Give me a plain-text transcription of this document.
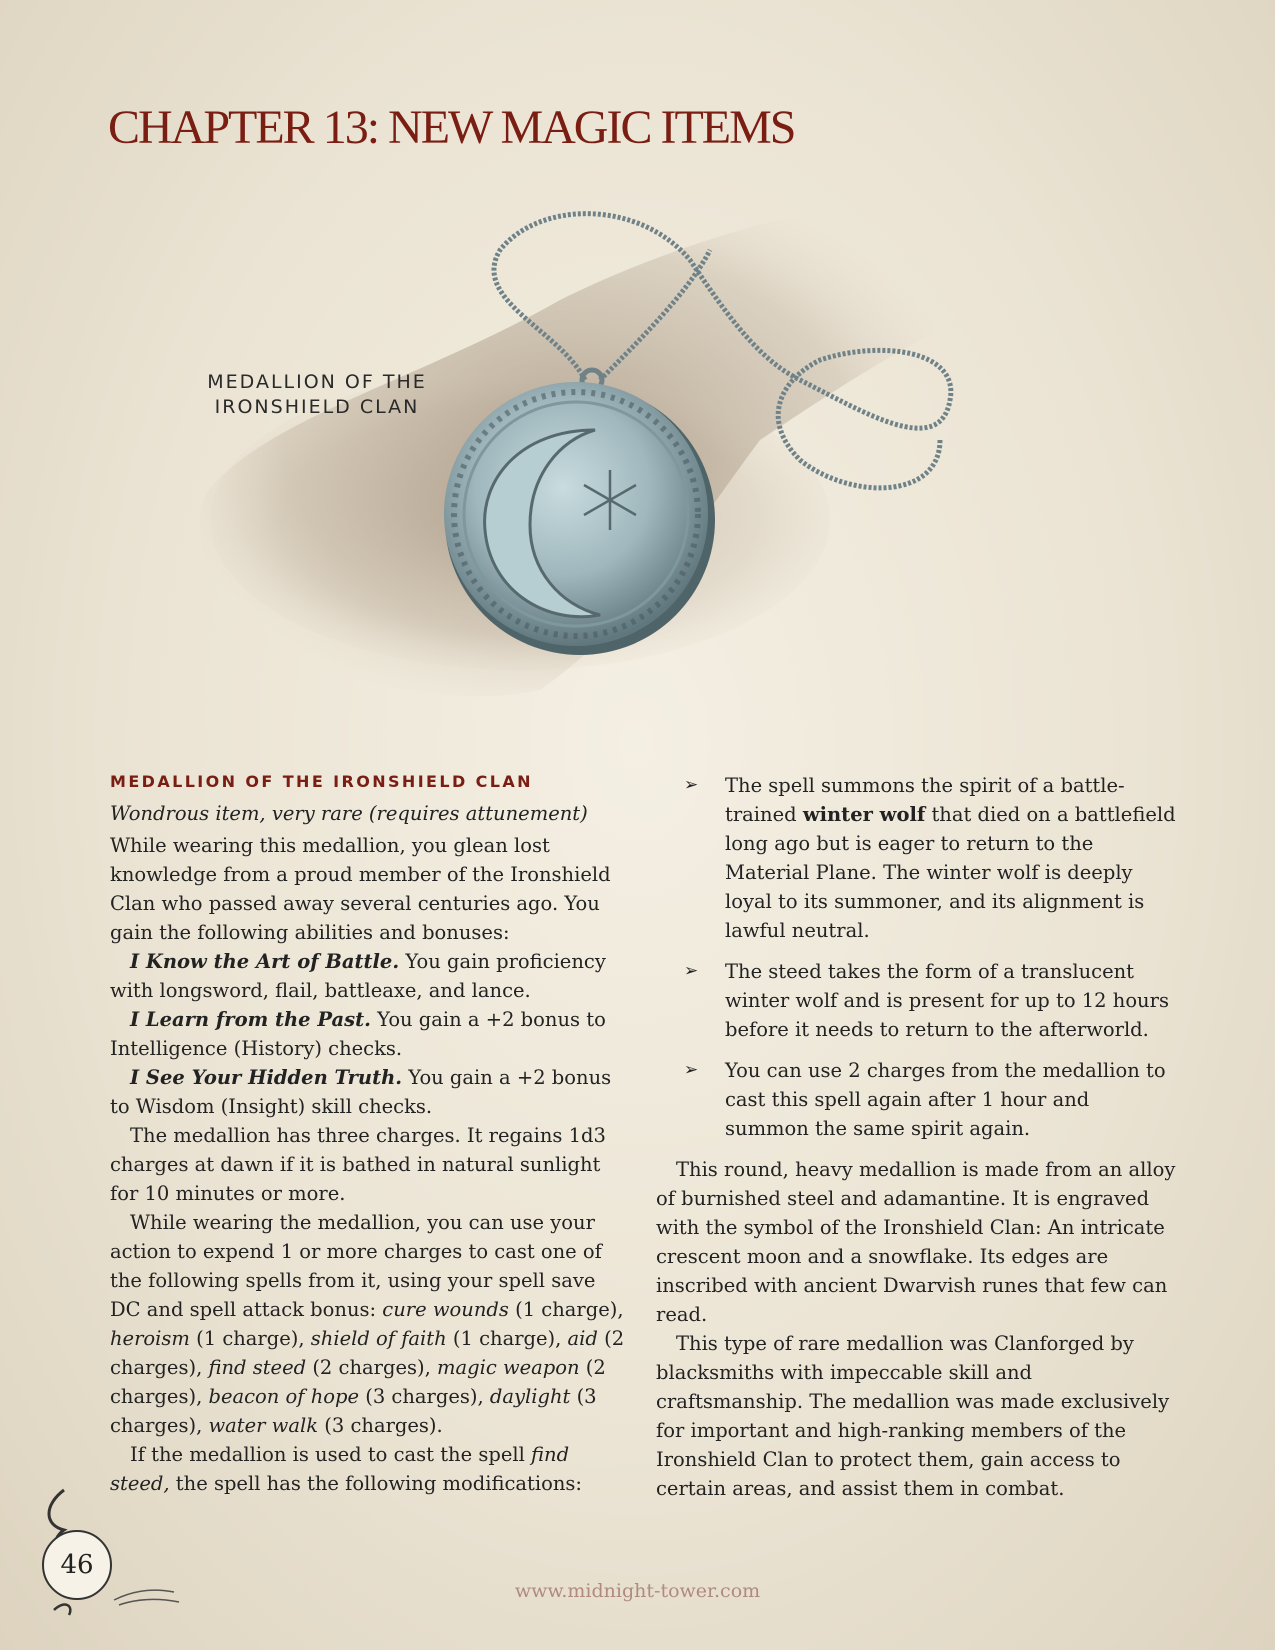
CHAPTER 13: NEW MAGIC ITEMS
MEDALLION OF THE
IRONSHIELD CLAN
MEDALLION OF THE IRONSHIELD CLAN

Wondrous item, very rare (requires attunement)

While wearing this medallion, you glean lost knowledge from a proud member of the Ironshield Clan who passed away several centuries ago. You gain the following abilities and bonuses:

I Know the Art of Battle. You gain proficiency with longsword, flail, battleaxe, and lance.

I Learn from the Past. You gain a +2 bonus to Intelligence (History) checks.

I See Your Hidden Truth. You gain a +2 bonus to Wisdom (Insight) skill checks.

The medallion has three charges. It regains 1d3 charges at dawn if it is bathed in natural sunlight for 10 minutes or more.

While wearing the medallion, you can use your action to expend 1 or more charges to cast one of the following spells from it, using your spell save DC and spell attack bonus: cure wounds (1 charge), heroism (1 charge), shield of faith (1 charge), aid (2 charges), find steed (2 charges), magic weapon (2 charges), beacon of hope (3 charges), daylight (3 charges), water walk (3 charges).

If the medallion is used to cast the spell find steed, the spell has the following modifications:

➢ The spell summons the spirit of a battle-trained winter wolf that died on a battlefield long ago but is eager to return to the Material Plane. The winter wolf is deeply loyal to its summoner, and its alignment is lawful neutral.
➢ The steed takes the form of a translucent winter wolf and is present for up to 12 hours before it needs to return to the afterworld.
➢ You can use 2 charges from the medallion to cast this spell again after 1 hour and summon the same spirit again.

This round, heavy medallion is made from an alloy of burnished steel and adamantine. It is engraved with the symbol of the Ironshield Clan: An intricate crescent moon and a snowflake. Its edges are inscribed with ancient Dwarvish runes that few can read.

This type of rare medallion was Clanforged by blacksmiths with impeccable skill and craftsmanship. The medallion was made exclusively for important and high-ranking members of the Ironshield Clan to protect them, gain access to certain areas, and assist them in combat.

46
www.midnight-tower.com
